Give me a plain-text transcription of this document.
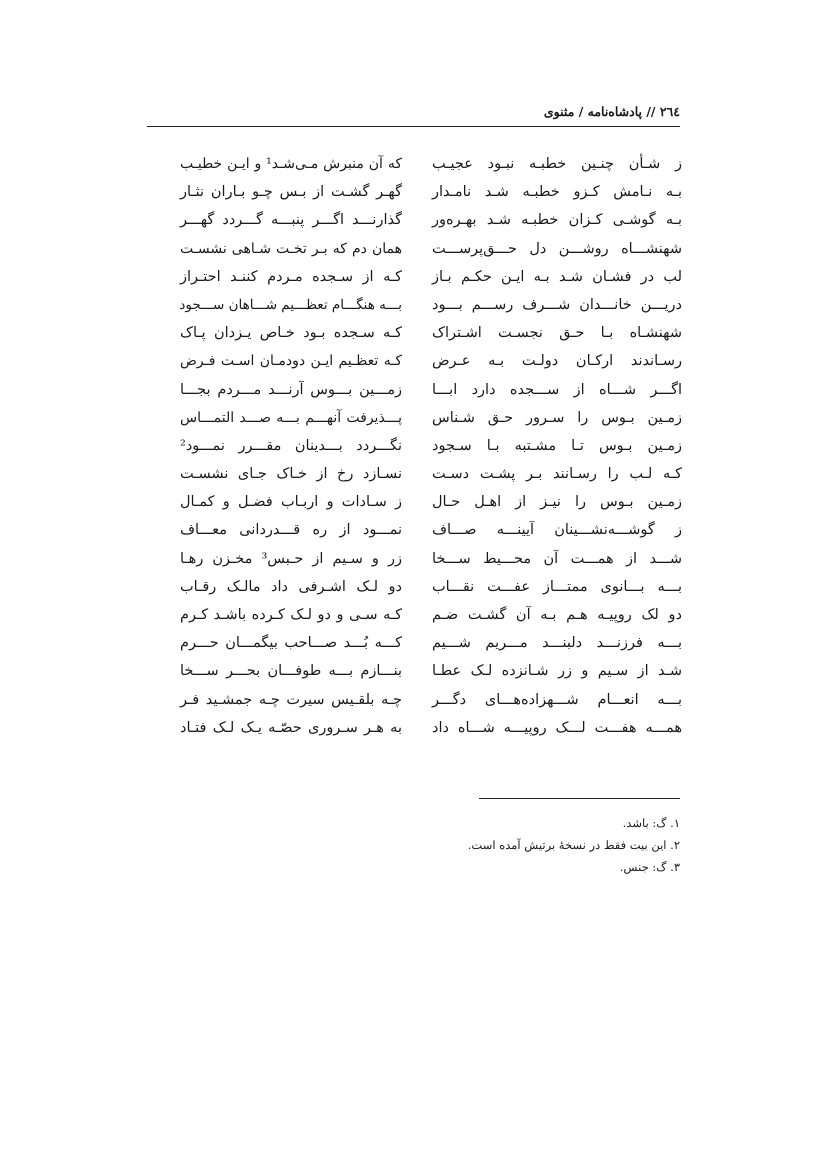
٢٦٤ // پادشاه‌نامه / مثنوی
ز شـأن چنـین خطبـه نبـود عجیـب
بـه نـامش کـزو خطبـه شـد نامـدار
بـه گوشـی کـزان خطبـه شـد بهـره‌ور
شهنشـــاه روشـــن دل حـــق‌پرســـت
لب در فشـان شـد بـه ایـن حکـم بـاز
دریـــن خانـــدان شـــرف رســـم بـــود
شهنشـاه بـا حـق نجسـت اشـتراک
رسـاندند ارکـان دولـت بـه عـرض
اگـــر شـــاه از ســـجده دارد ابـــا
زمـین بـوس را سـرور حـق شـناس
زمـین بـوس تـا مشـتبه بـا سـجود
کـه لـب را رسـانند بـر پشـت دسـت
زمـین بـوس را نیـز از اهـل حـال
ز گوشـــه‌نشـــینان آیینـــه صـــاف
شـــد از همـــت آن محـــیط ســـخا
بـــه بـــانوی ممتـــاز عفـــت نقـــاب
دو لک روپیـه هـم بـه آن گشـت ضـم
بـــه فرزنـــد دلبنـــد مـــریم شـــیم
شـد از سـیم و زر شـانزده لـک عطـا
بـــه انعـــام شـــهزاده‌هـــای دگـــر
همـــه هفـــت لـــک روپیـــه شـــاه داد
که آن منبرش مـی‌شـد¹ و ایـن خطیـب
گهـر گشـت از بـس چـو بـاران نثـار
گذارنـــد اگـــر پنبـــه گـــردد گهـــر
همان دم که بـر تخـت شـاهی نشسـت
کـه از سـجده مـردم کننـد احتـراز
بـــه هنگـــام تعظـــیم شـــاهان ســـجود
کـه سـجده بـود خـاص یـزدان پـاک
کـه تعظـیم ایـن دودمـان اسـت فـرض
زمـــین بـــوس آرنـــد مـــردم بجـــا
پـــذیرفت آنهـــم بـــه صـــد التمـــاس
نگـــردد بـــدینان مقـــرر نمـــود²
نسـازد رخ از خـاک جـای نشسـت
ز سـادات و اربـاب فضـل و کمـال
نمـــود از ره قـــدردانی معـــاف
زر و سـیم از حـبس³ مخـزن رهـا
دو لـک اشـرفی داد مالـک رقـاب
کـه سـی و دو لـک کـرده باشـد کـرم
کـــه بُـــد صـــاحب بیگمـــان حـــرم
بنـــازم بـــه طوفـــان بحـــر ســـخا
چـه بلقـیس سیرت چـه جمشـید فـر
به هـر سـروری حصّـه یـک لـک فتـاد
١. گ: باشد.
٢. این بیت فقط در نسخهٔ برتیش آمده است.
٣. گ: جنس.
